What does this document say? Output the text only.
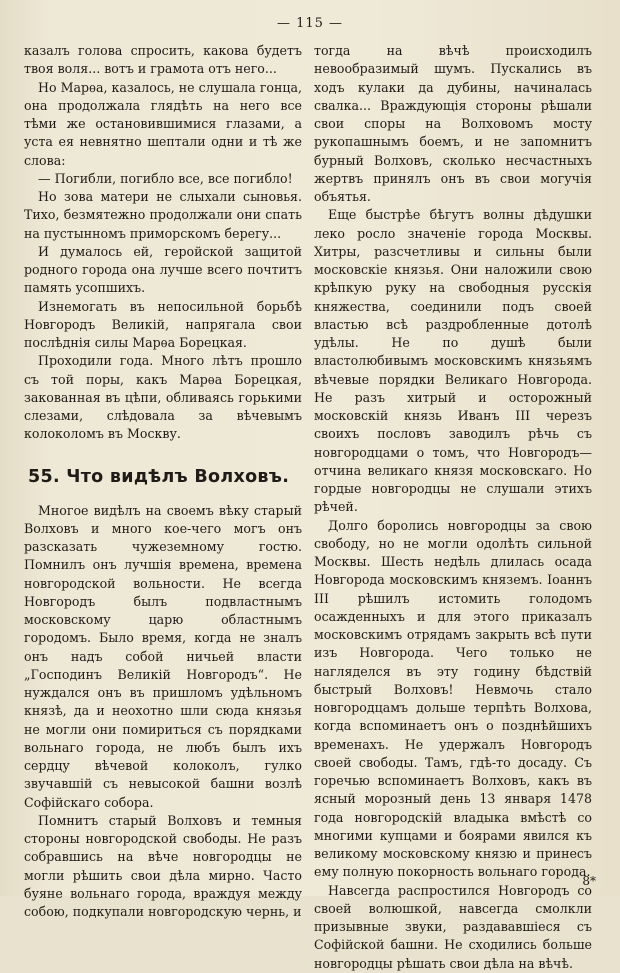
— 115 —

казалъ голова спросить, какова будетъ твоя воля... вотъ и грамота отъ него...

Но Марѳа, казалось, не слушала гонца, она продолжала глядѣть на него все тѣми же остановившимися глазами, а уста ея невнятно шептали одни и тѣ же слова:

— Погибли, погибло все, все погибло!

Но зова матери не слыхали сыновья. Тихо, безмятежно продолжали они спать на пустынномъ приморскомъ берегу...

И думалось ей, геройской защитой родного города она лучше всего почтитъ память усопшихъ.

Изнемогать въ непосильной борьбѣ Новгородъ Великій, напрягала свои послѣднія силы Марѳа Борецкая.

Проходили года. Много лѣтъ прошло съ той поры, какъ Марѳа Борецкая, закованная въ цѣпи, обливаясь горькими слезами, слѣдовала за вѣчевымъ колоколомъ въ Москву.

55. Что видѣлъ Волховъ.

Многое видѣлъ на своемъ вѣку старый Волховъ и много кое-чего могъ онъ разсказать чужеземному гостю. Помнилъ онъ лучшія времена, времена новгородской вольности. Не всегда Новгородъ былъ подвластнымъ московскому царю областнымъ городомъ. Было время, когда не зналъ онъ надъ собой ничьей власти „Господинъ Великій Новгородъ“. Не нуждался онъ въ пришломъ удѣльномъ князѣ, да и неохотно шли сюда князья не могли они помириться съ порядками вольнаго города, не любъ былъ ихъ сердцу вѣчевой колоколъ, гулко звучавшій съ невысокой башни возлѣ Софійскаго собора.

Помнитъ старый Волховъ и темныя стороны новгородской свободы. Не разъ собравшись на вѣче новгородцы не могли рѣшить свои дѣла мирно. Часто буяне вольнаго города, враждуя между собою, подкупали новгородскую чернь, и

тогда на вѣчѣ происходилъ невообразимый шумъ. Пускались въ ходъ кулаки да дубины, начиналась свалка... Враждующія стороны рѣшали свои споры на Волховомъ мосту рукопашнымъ боемъ, и не запомнитъ бурный Волховъ, сколько несчастныхъ жертвъ принялъ онъ въ свои могучія объятья.

Еще быстрѣе бѣгутъ волны дѣдушки леко росло значеніе города Москвы. Хитры, разсчетливы и сильны были московскіе князья. Они наложили свою крѣпкую руку на свободныя русскія княжества, соединили подъ своей властью всѣ раздробленные дотолѣ удѣлы. Не по душѣ были властолюбивымъ московскимъ князьямъ вѣчевые порядки Великаго Новгорода. Не разъ хитрый и осторожный московскій князь Иванъ III черезъ своихъ пословъ заводилъ рѣчь съ новгородцами о томъ, что Новгородъ—отчина великаго князя московскаго. Но гордые новгородцы не слушали этихъ рѣчей.

Долго боролись новгородцы за свою свободу, но не могли одолѣть сильной Москвы. Шесть недѣль длилась осада Новгорода московскимъ княземъ. Іоаннъ III рѣшилъ истомить голодомъ осажденныхъ и для этого приказалъ московскимъ отрядамъ закрыть всѣ пути изъ Новгорода. Чего только не нагляделся въ эту годину бѣдствій быстрый Волховъ! Невмочь стало новгородцамъ дольше терпѣть Волхова, когда вспоминаетъ онъ о позднѣйшихъ временахъ. Не удержалъ Новгородъ своей свободы. Тамъ, гдѣ-то досаду. Съ горечью вспоминаетъ Волховъ, какъ въ ясный морозный день 13 января 1478 года новгородскій владыка вмѣстѣ со многими купцами и боярами явился къ великому московскому князю и принесъ ему полную покорность вольнаго города.

Навсегда распростился Новгородъ со своей волюшкой, навсегда смолкли призывные звуки, раздававшіеся съ Софійской башни. Не сходились больше новгородцы рѣшать свои дѣла на вѣчѣ.

8*
